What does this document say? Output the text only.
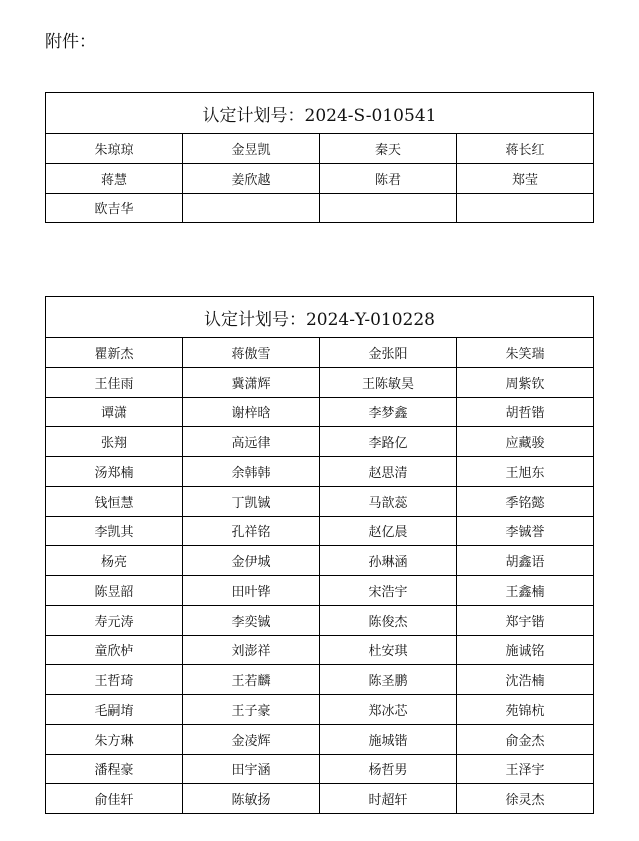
附件：
认定计划号：2024-S-010541			
朱琼琼	金昱凯	秦天	蒋长红
蒋慧	姜欣越	陈君	郑莹
欧吉华			
认定计划号：2024-Y-010228			
瞿新杰	蒋傲雪	金张阳	朱笑瑞
王佳雨	冀潇辉	王陈敏昊	周紫钦
谭潇	谢梓晗	李梦鑫	胡哲锴
张翔	高远律	李路亿	应藏骏
汤郑楠	余韩韩	赵思清	王旭东
钱恒慧	丁凯铖	马歆蕊	季铭懿
李凯其	孔祥铭	赵亿晨	李铖誉
杨亮	金伊城	孙琳涵	胡鑫语
陈昱韶	田叶铧	宋浩宇	王鑫楠
寿元涛	李奕铖	陈俊杰	郑宇锴
童欣栌	刘澎祥	杜安琪	施诚铭
王哲琦	王若麟	陈圣鹏	沈浩楠
毛嗣堉	王子豪	郑冰芯	苑锦杭
朱方琳	金凌辉	施城锴	俞金杰
潘程豪	田宇涵	杨哲男	王泽宇
俞佳轩	陈敏扬	时超轩	徐灵杰
